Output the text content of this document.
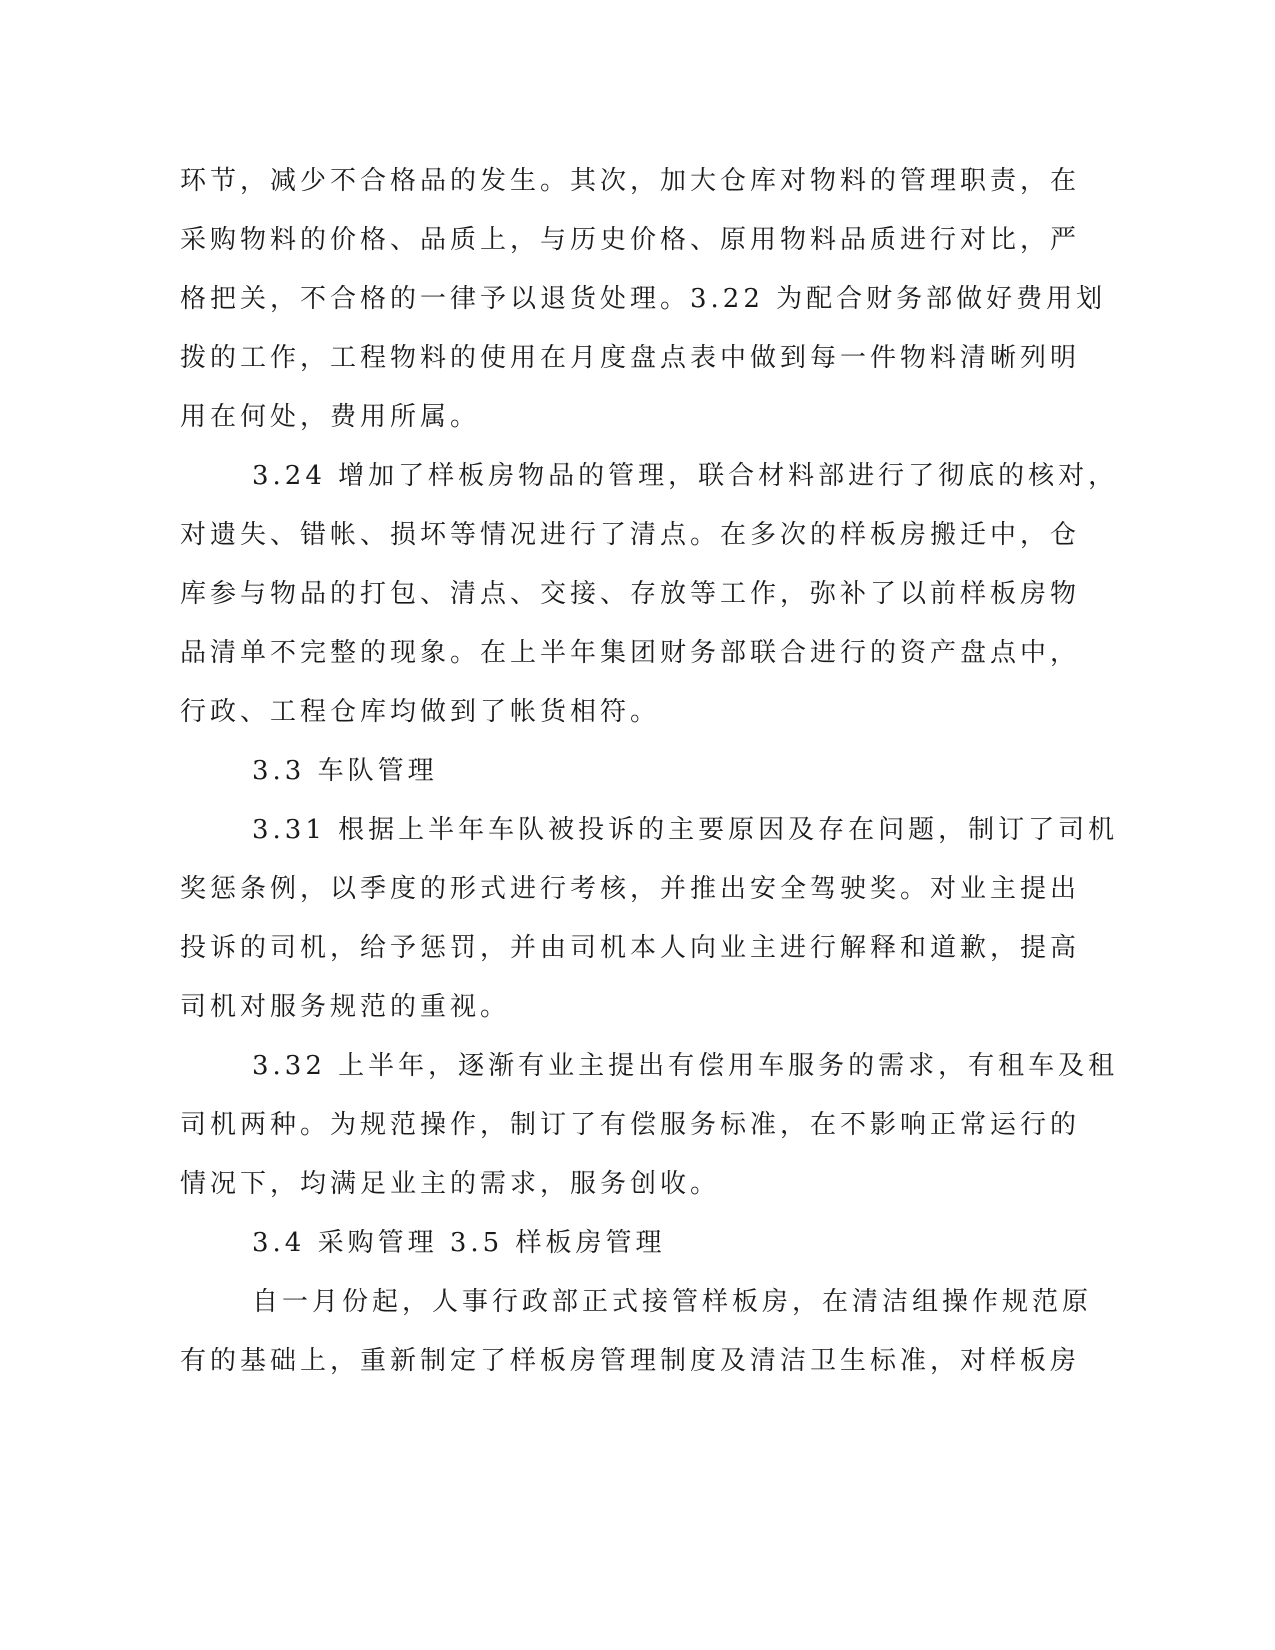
环节，减少不合格品的发生。其次，加大仓库对物料的管理职责，在
采购物料的价格、品质上，与历史价格、原用物料品质进行对比，严
格把关，不合格的一律予以退货处理。3.22 为配合财务部做好费用划
拨的工作，工程物料的使用在月度盘点表中做到每一件物料清晰列明
用在何处，费用所属。
3.24 增加了样板房物品的管理，联合材料部进行了彻底的核对，
对遗失、错帐、损坏等情况进行了清点。在多次的样板房搬迁中，仓
库参与物品的打包、清点、交接、存放等工作，弥补了以前样板房物
品清单不完整的现象。在上半年集团财务部联合进行的资产盘点中，
行政、工程仓库均做到了帐货相符。
3.3 车队管理
3.31 根据上半年车队被投诉的主要原因及存在问题，制订了司机
奖惩条例，以季度的形式进行考核，并推出安全驾驶奖。对业主提出
投诉的司机，给予惩罚，并由司机本人向业主进行解释和道歉，提高
司机对服务规范的重视。
3.32 上半年，逐渐有业主提出有偿用车服务的需求，有租车及租
司机两种。为规范操作，制订了有偿服务标准，在不影响正常运行的
情况下，均满足业主的需求，服务创收。
3.4 采购管理 3.5 样板房管理
自一月份起，人事行政部正式接管样板房，在清洁组操作规范原
有的基础上，重新制定了样板房管理制度及清洁卫生标准，对样板房
